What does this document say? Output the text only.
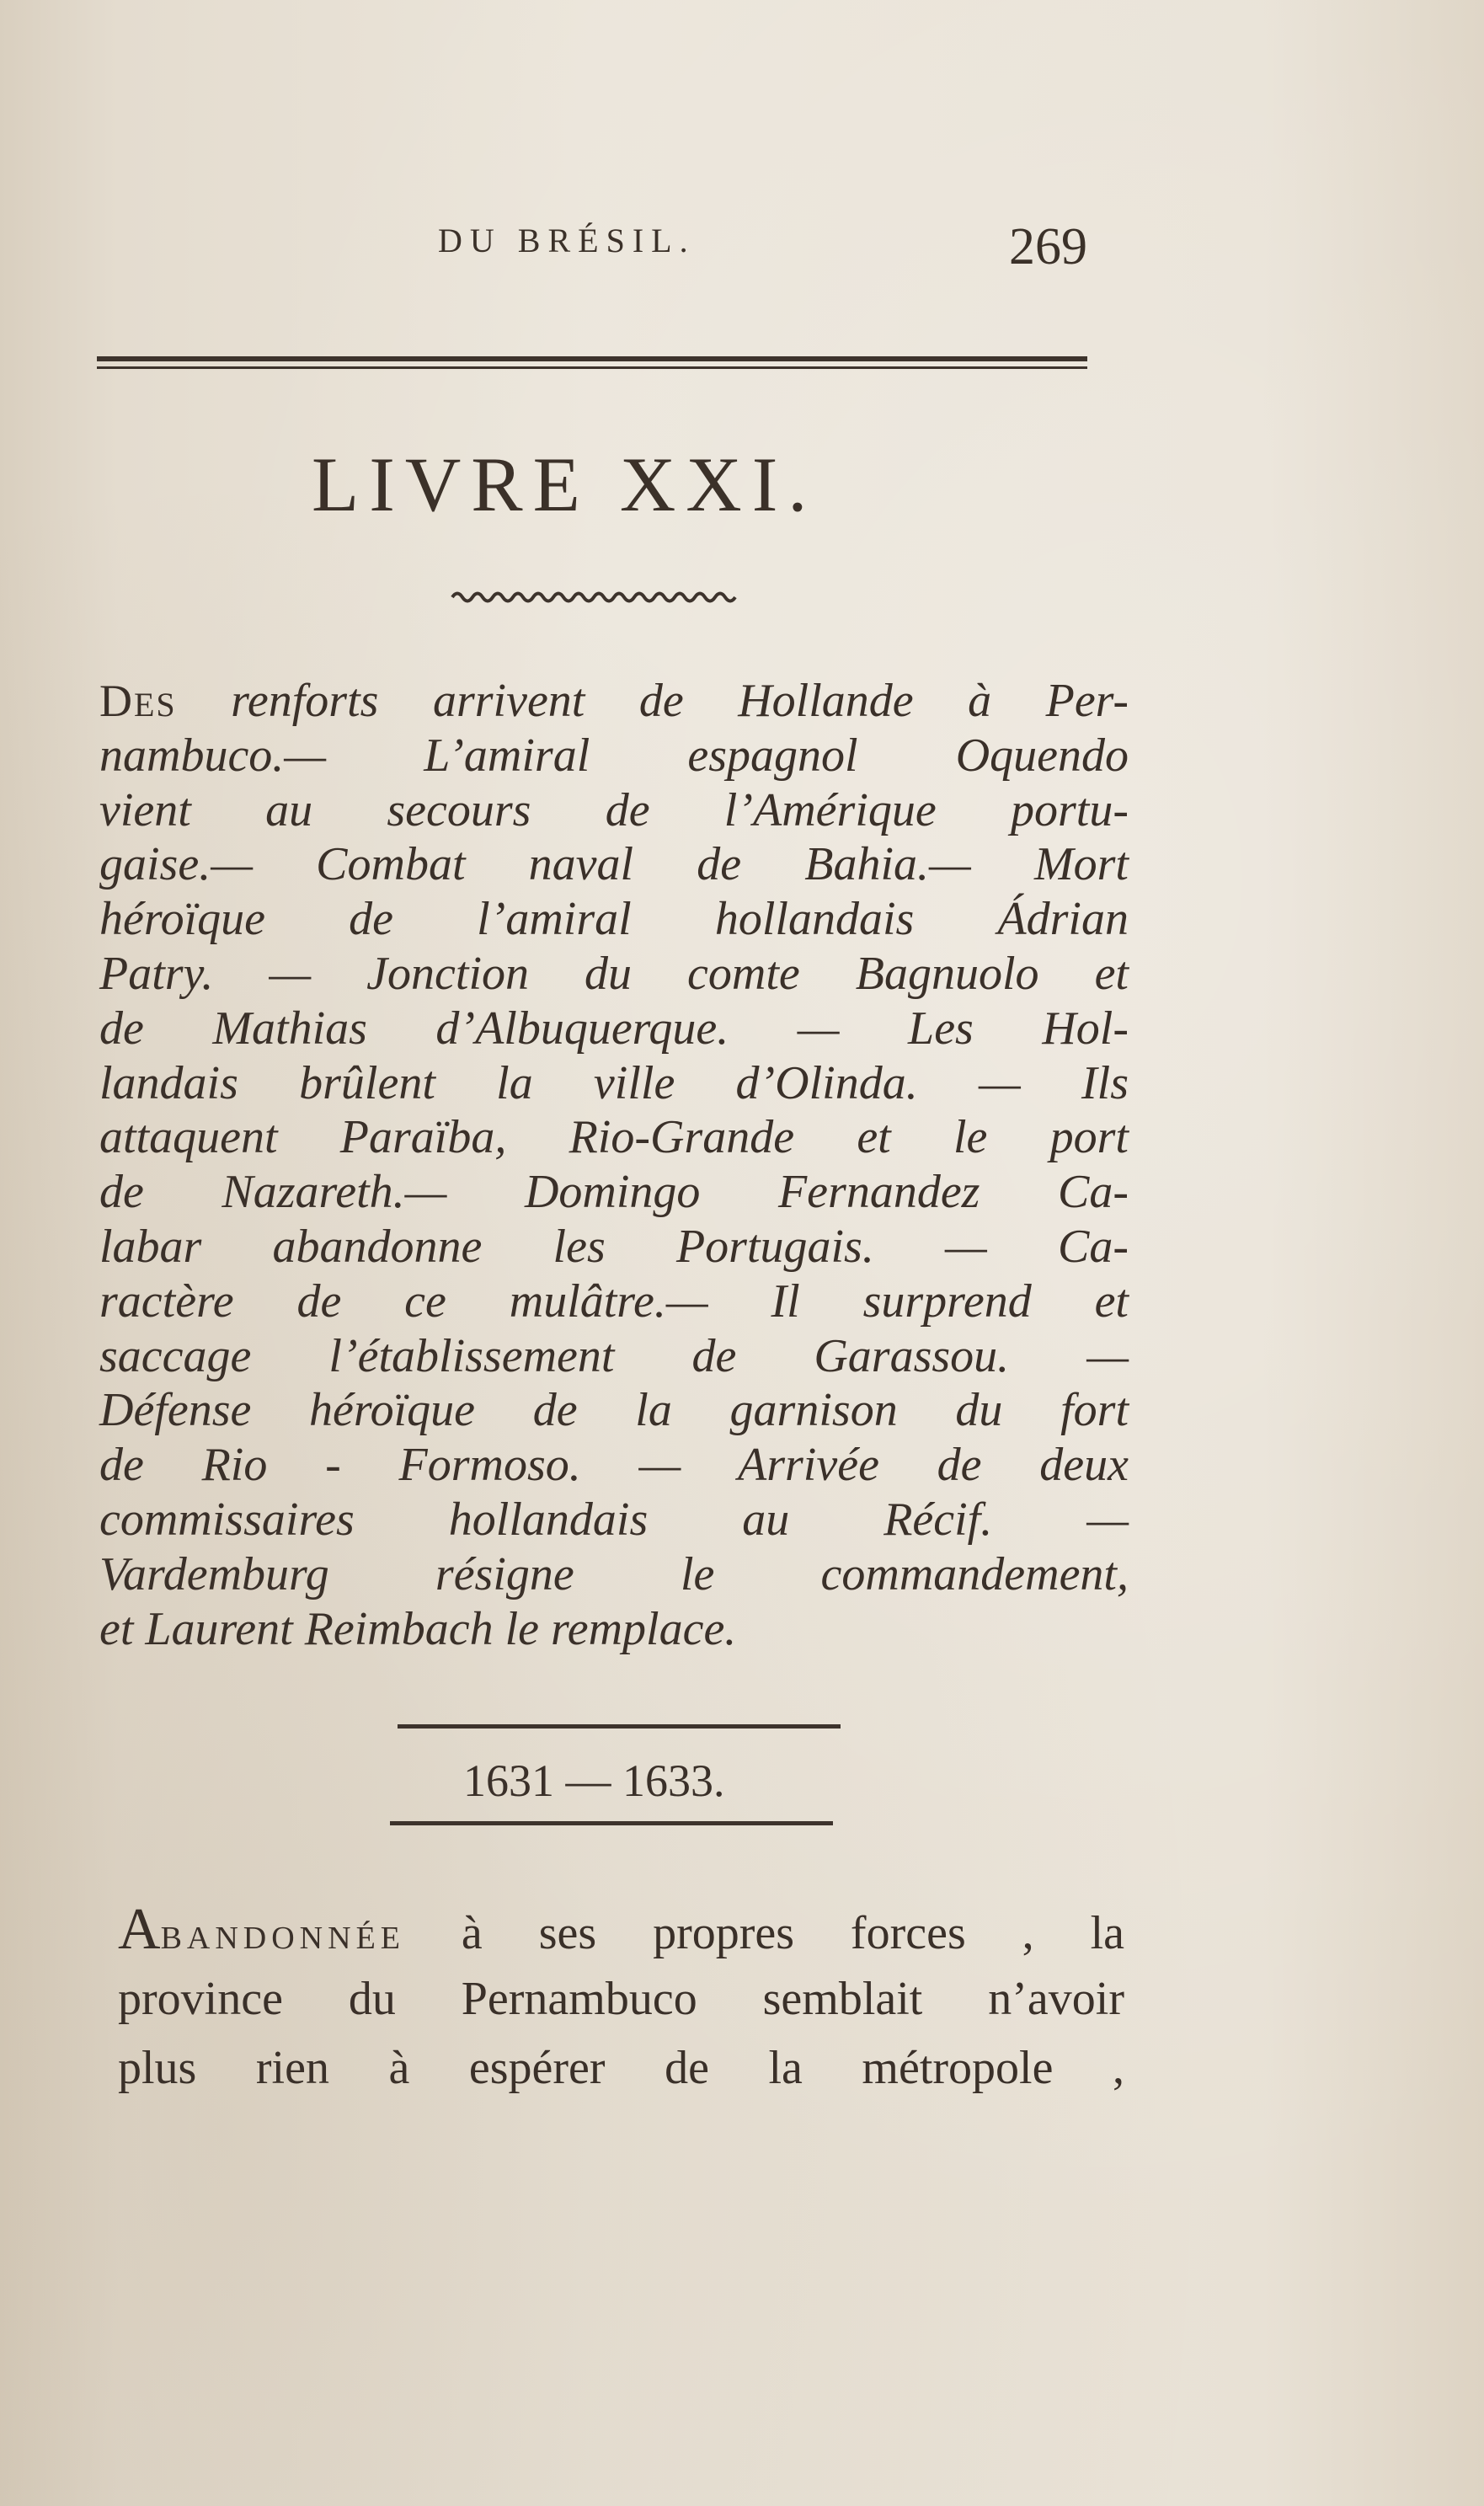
DU BRÉSIL.	269
LIVRE XXI.
DES renforts arrivent de Hollande à Per-
nambuco.— L’amiral espagnol Oquendo
vient au secours de l’Amérique portu-
gaise.— Combat naval de Bahia.— Mort
héroïque de l’amiral hollandais Ádrian
Patry. — Jonction du comte Bagnuolo et
de Mathias d’Albuquerque. — Les Hol-
landais brûlent la ville d’Olinda. — Ils
attaquent Paraïba, Rio-Grande et le port
de Nazareth.— Domingo Fernandez Ca-
labar abandonne les Portugais. — Ca-
ractère de ce mulâtre.— Il surprend et
saccage l’établissement de Garassou. —
Défense héroïque de la garnison du fort
de Rio - Formoso. — Arrivée de deux
commissaires hollandais au Récif. —
Vardemburg résigne le commandement,
et Laurent Reimbach le remplace.
1631 — 1633.
ABANDONNÉE à ses propres forces , la
province du Pernambuco semblait n’avoir
plus rien à espérer de la métropole ,
